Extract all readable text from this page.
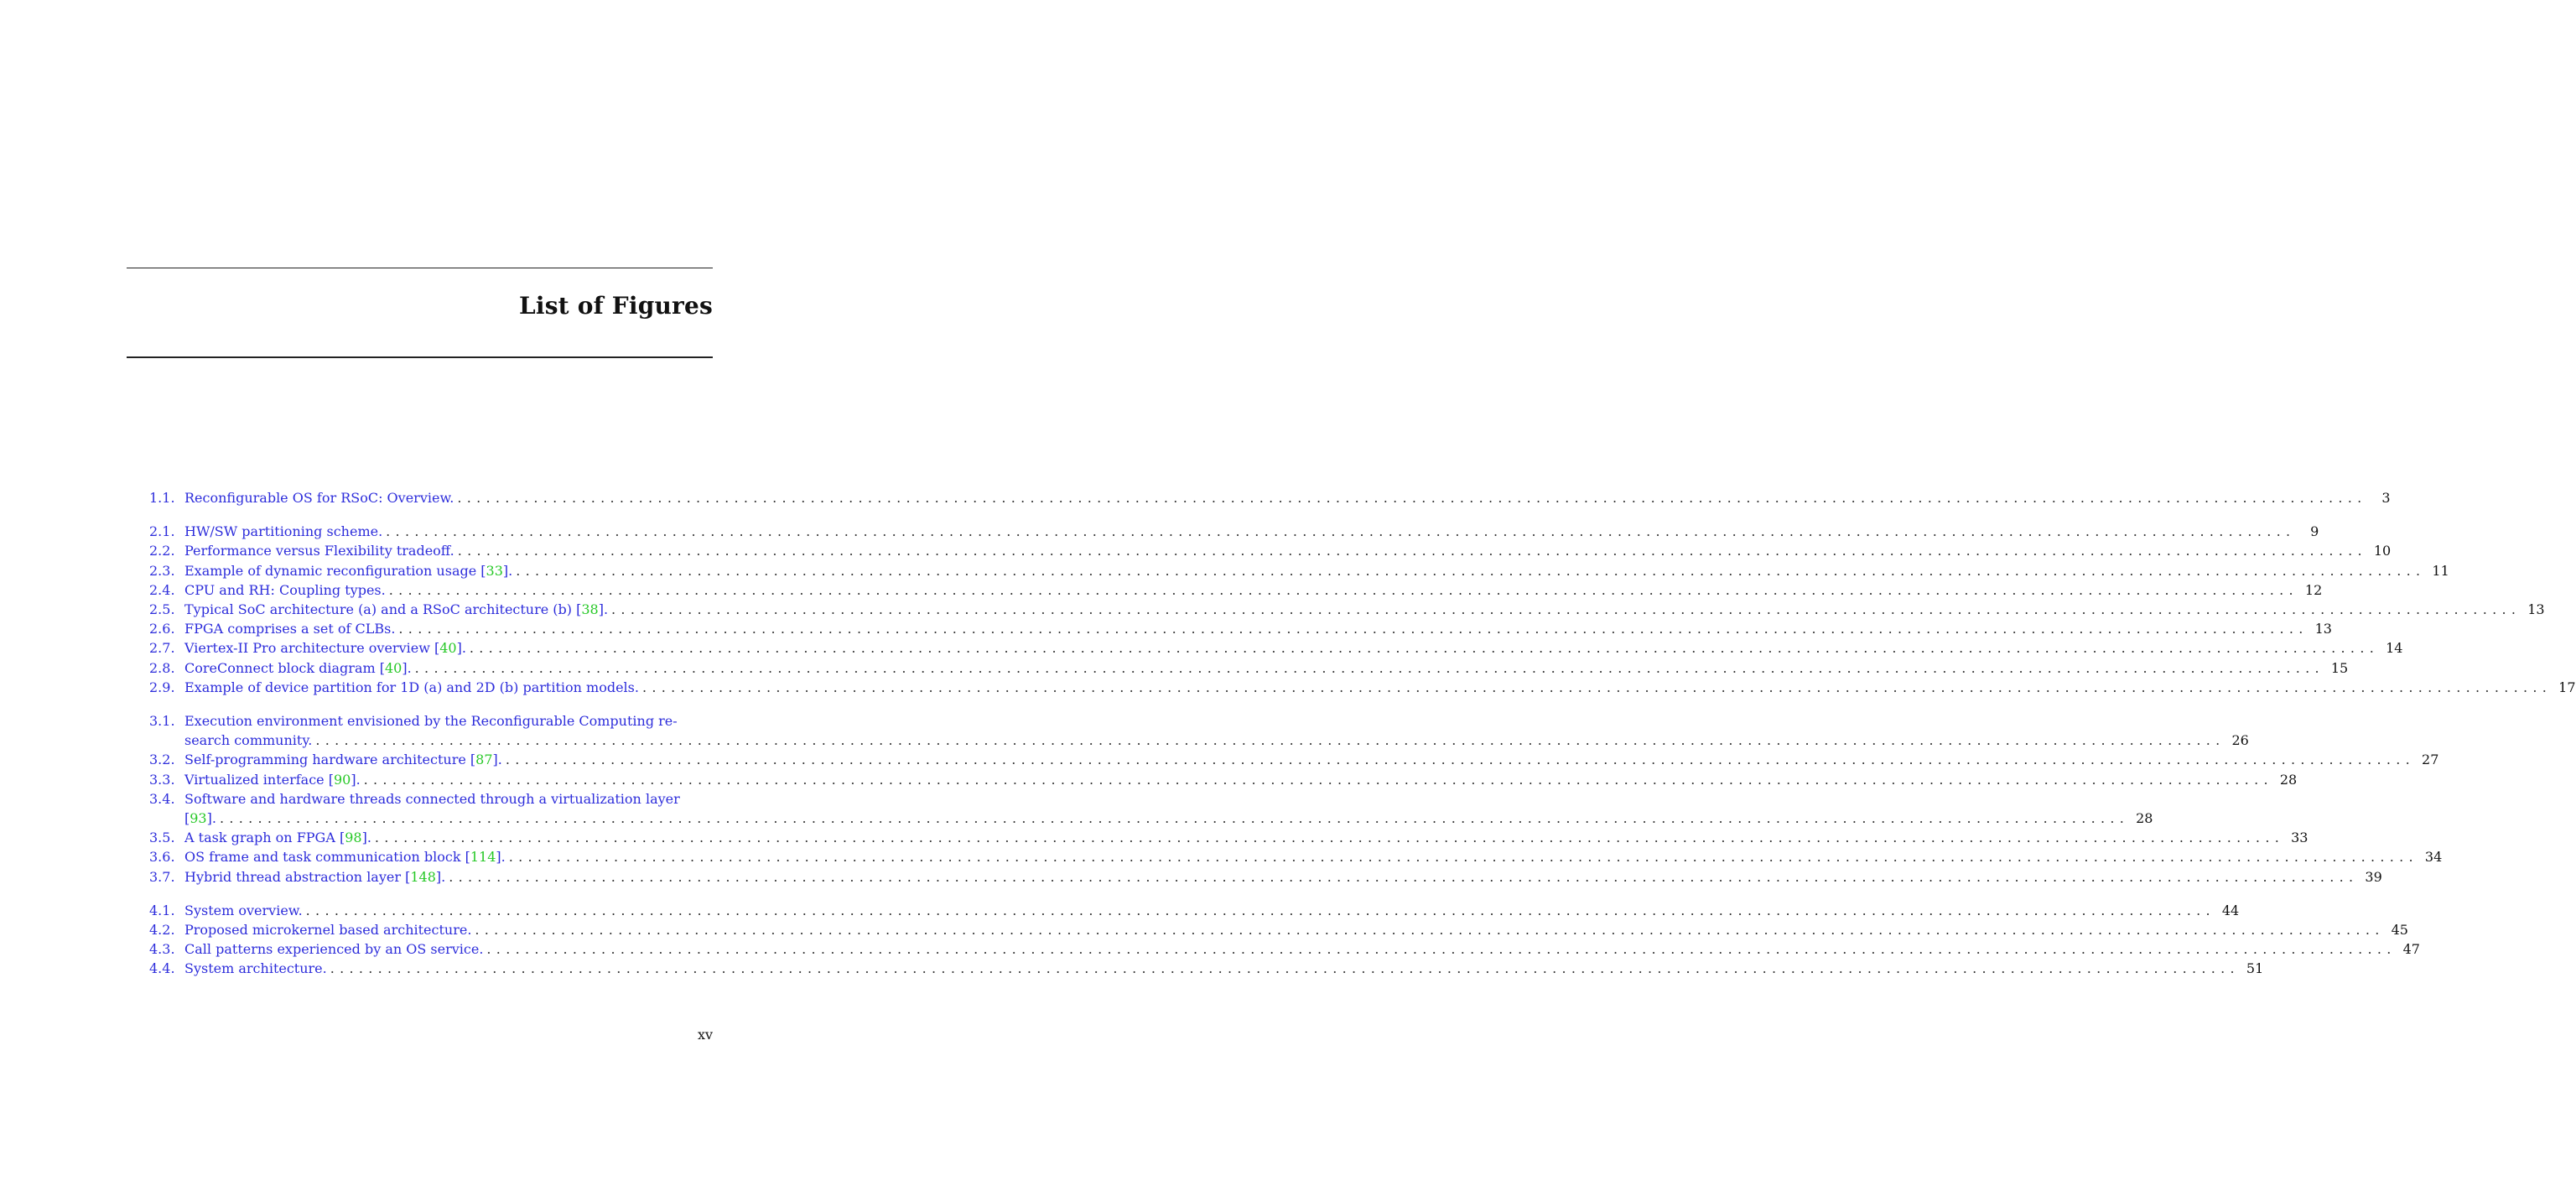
List of Figures
1.1. Reconfigurable OS for RSoC: Overview. ........................................................................................................................................................................................................	3
2.1. HW/SW partitioning scheme. ........................................................................................................................................................................................................	9
2.2. Performance versus Flexibility tradeoff. ........................................................................................................................................................................................................ 10
2.3. Example of dynamic reconfiguration usage [33]. ........................................................................................................................................................................................................ 11
2.4. CPU and RH: Coupling types. ........................................................................................................................................................................................................ 12
2.5. Typical SoC architecture (a) and a RSoC architecture (b) [38]. ........................................................................................................................................................................................................ 13
2.6. FPGA comprises a set of CLBs. ........................................................................................................................................................................................................ 13
2.7. Viertex-II Pro architecture overview [40]. ........................................................................................................................................................................................................ 14
2.8. CoreConnect block diagram [40]. ........................................................................................................................................................................................................ 15
2.9. Example of device partition for 1D (a) and 2D (b) partition models. ........................................................................................................................................................................................................ 17
3.1. Execution environment envisioned by the Reconfigurable Computing re-
search community. ........................................................................................................................................................................................................ 26
3.2. Self-programming hardware architecture [87]. ........................................................................................................................................................................................................ 27
3.3. Virtualized interface [90]. ........................................................................................................................................................................................................ 28
3.4. Software and hardware threads connected through a virtualization layer
[93]. ........................................................................................................................................................................................................ 28
3.5. A task graph on FPGA [98]. ........................................................................................................................................................................................................ 33
3.6. OS frame and task communication block [114]. ........................................................................................................................................................................................................ 34
3.7. Hybrid thread abstraction layer [148]. ........................................................................................................................................................................................................ 39
4.1. System overview. ........................................................................................................................................................................................................ 44
4.2. Proposed microkernel based architecture. ........................................................................................................................................................................................................ 45
4.3. Call patterns experienced by an OS service. ........................................................................................................................................................................................................ 47
4.4. System architecture. ........................................................................................................................................................................................................ 51
xv
